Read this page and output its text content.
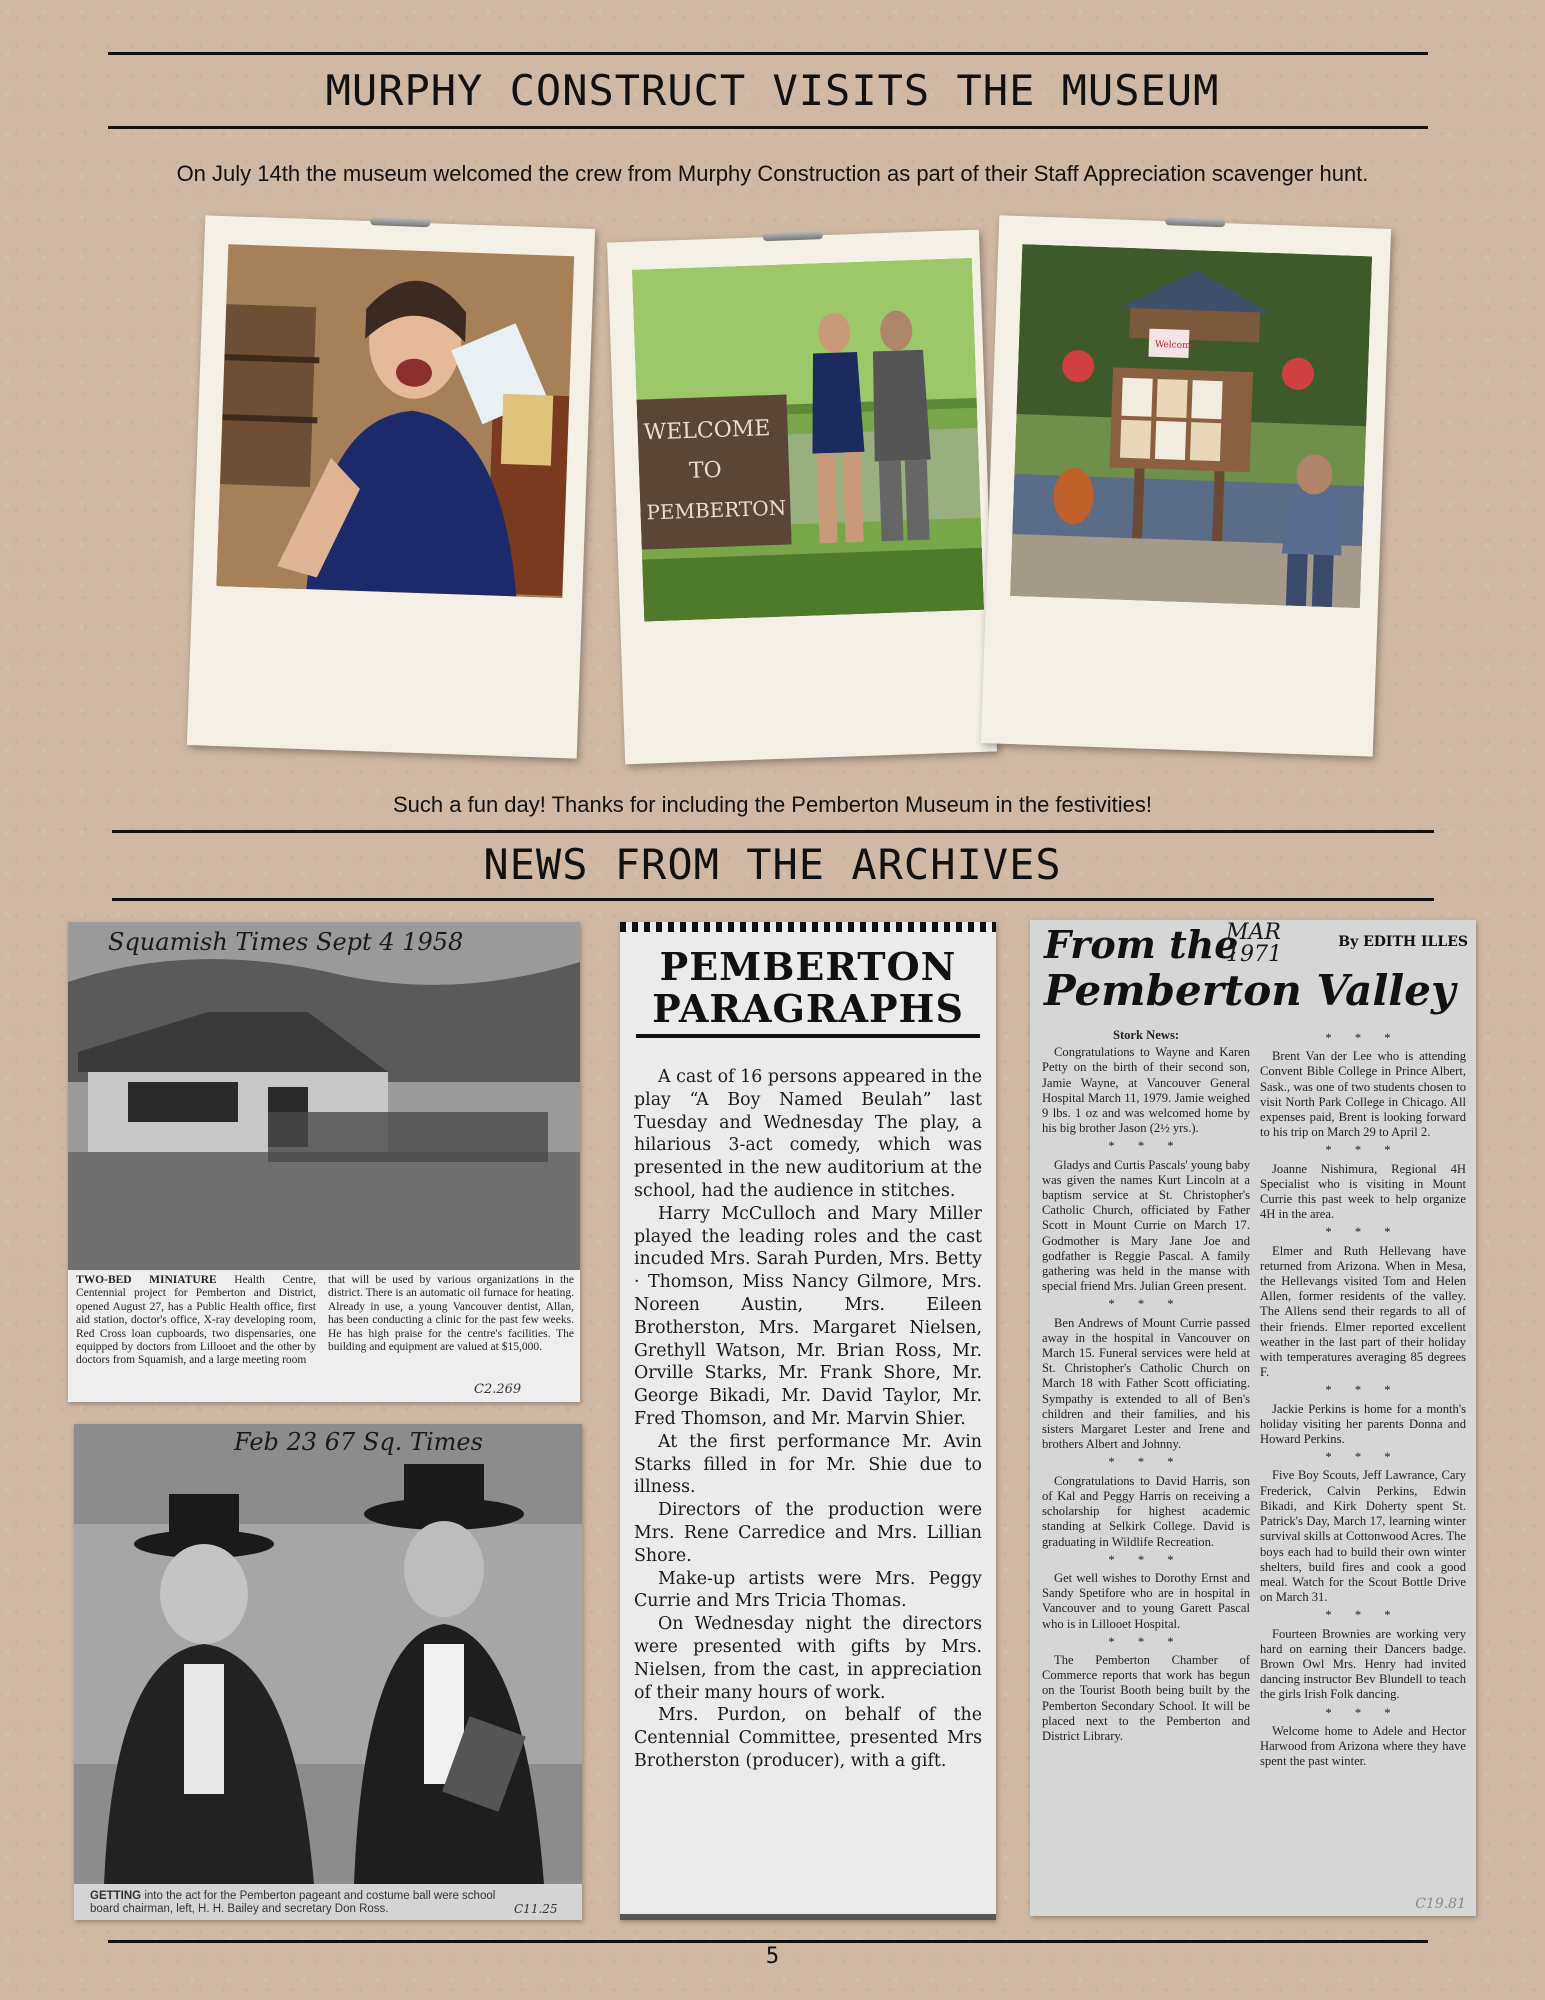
MURPHY CONSTRUCT VISITS THE MUSEUM
On July 14th the museum welcomed the crew from Murphy Construction as part of their Staff Appreciation scavenger hunt.
WELCOME
TO
PEMBERTON
Welcome
Such a fun day! Thanks for including the Pemberton Museum in the festivities!
NEWS FROM THE ARCHIVES
Squamish Times Sept 4 1958
TWO-BED MINIATURE Health Centre, Centennial project for Pemberton and District, opened August 27, has a Public Health office, first aid station, doctor's office, X-ray developing room, Red Cross loan cupboards, two dispensaries, one equipped by doctors from Lillooet and the other by doctors from Squamish, and a large meeting room
that will be used by various organizations in the district. There is an automatic oil furnace for heating. Already in use, a young Vancouver dentist, Allan, has been conducting a clinic for the past few weeks. He has high praise for the centre's facilities. The building and equipment are valued at $15,000.
C2.269
Feb 23 67 Sq. Times
GETTING into the act for the Pemberton pageant and costume ball were school board chairman, left, H. H. Bailey and secretary Don Ross.	C11.25
PEMBERTON
PARAGRAPHS

A cast of 16 persons appeared in the play “A Boy Named Beulah” last Tuesday and Wednesday The play, a hilarious 3-act comedy, which was presented in the new auditorium at the school, had the audience in stitches.

Harry McCulloch and Mary Miller played the leading roles and the cast incuded Mrs. Sarah Purden, Mrs. Betty · Thomson, Miss Nancy Gilmore, Mrs. Noreen Austin, Mrs. Eileen Brotherston, Mrs. Margaret Nielsen, Grethyll Watson, Mr. Brian Ross, Mr. Orville Starks, Mr. Frank Shore, Mr. George Bikadi, Mr. David Taylor, Mr. Fred Thomson, and Mr. Marvin Shier.

At the first performance Mr. Avin Starks filled in for Mr. Shie due to illness.

Directors of the production were Mrs. Rene Carredice and Mrs. Lillian Shore.

Make-up artists were Mrs. Peggy Currie and Mrs Tricia Thomas.

On Wednesday night the directors were presented with gifts by Mrs. Nielsen, from the cast, in appreciation of their many hours of work.

Mrs. Purdon, on behalf of the Centennial Committee, presented Mrs Brotherston (producer), with a gift.

From the	By EDITH ILLES
MAR 1971
Pemberton Valley

Stork News:

Congratulations to Wayne and Karen Petty on the birth of their second son, Jamie Wayne, at Vancouver General Hospital March 11, 1979. Jamie weighed 9 lbs. 1 oz and was welcomed home by his big brother Jason (2½ yrs.).

* * *

Gladys and Curtis Pascals' young baby was given the names Kurt Lincoln at a baptism service at St. Christopher's Catholic Church, officiated by Father Scott in Mount Currie on March 17. Godmother is Mary Jane Joe and godfather is Reggie Pascal. A family gathering was held in the manse with special friend Mrs. Julian Green present.

* * *

Ben Andrews of Mount Currie passed away in the hospital in Vancouver on March 15. Funeral services were held at St. Christopher's Catholic Church on March 18 with Father Scott officiating. Sympathy is extended to all of Ben's children and their families, and his sisters Margaret Lester and Irene and brothers Albert and Johnny.

* * *

Congratulations to David Harris, son of Kal and Peggy Harris on receiving a scholarship for highest academic standing at Selkirk College. David is graduating in Wildlife Recreation.

* * *

Get well wishes to Dorothy Ernst and Sandy Spetifore who are in hospital in Vancouver and to young Garett Pascal who is in Lillooet Hospital.

* * *

The Pemberton Chamber of Commerce reports that work has begun on the Tourist Booth being built by the Pemberton Secondary School. It will be placed next to the Pemberton and District Library.

* * *

Brent Van der Lee who is attending Convent Bible College in Prince Albert, Sask., was one of two students chosen to visit North Park College in Chicago. All expenses paid, Brent is looking forward to his trip on March 29 to April 2.

* * *

Joanne Nishimura, Regional 4H Specialist who is visiting in Mount Currie this past week to help organize 4H in the area.

* * *

Elmer and Ruth Hellevang have returned from Arizona. When in Mesa, the Hellevangs visited Tom and Helen Allen, former residents of the valley. The Allens send their regards to all of their friends. Elmer reported excellent weather in the last part of their holiday with temperatures averaging 85 degrees F.

* * *

Jackie Perkins is home for a month's holiday visiting her parents Donna and Howard Perkins.

* * *

Five Boy Scouts, Jeff Lawrance, Cary Frederick, Calvin Perkins, Edwin Bikadi, and Kirk Doherty spent St. Patrick's Day, March 17, learning winter survival skills at Cottonwood Acres. The boys each had to build their own winter shelters, build fires and cook a good meal. Watch for the Scout Bottle Drive on March 31.

* * *

Fourteen Brownies are working very hard on earning their Dancers badge. Brown Owl Mrs. Henry had invited dancing instructor Bev Blundell to teach the girls Irish Folk dancing.

* * *

Welcome home to Adele and Hector Harwood from Arizona where they have spent the past winter.

C19.81
5
